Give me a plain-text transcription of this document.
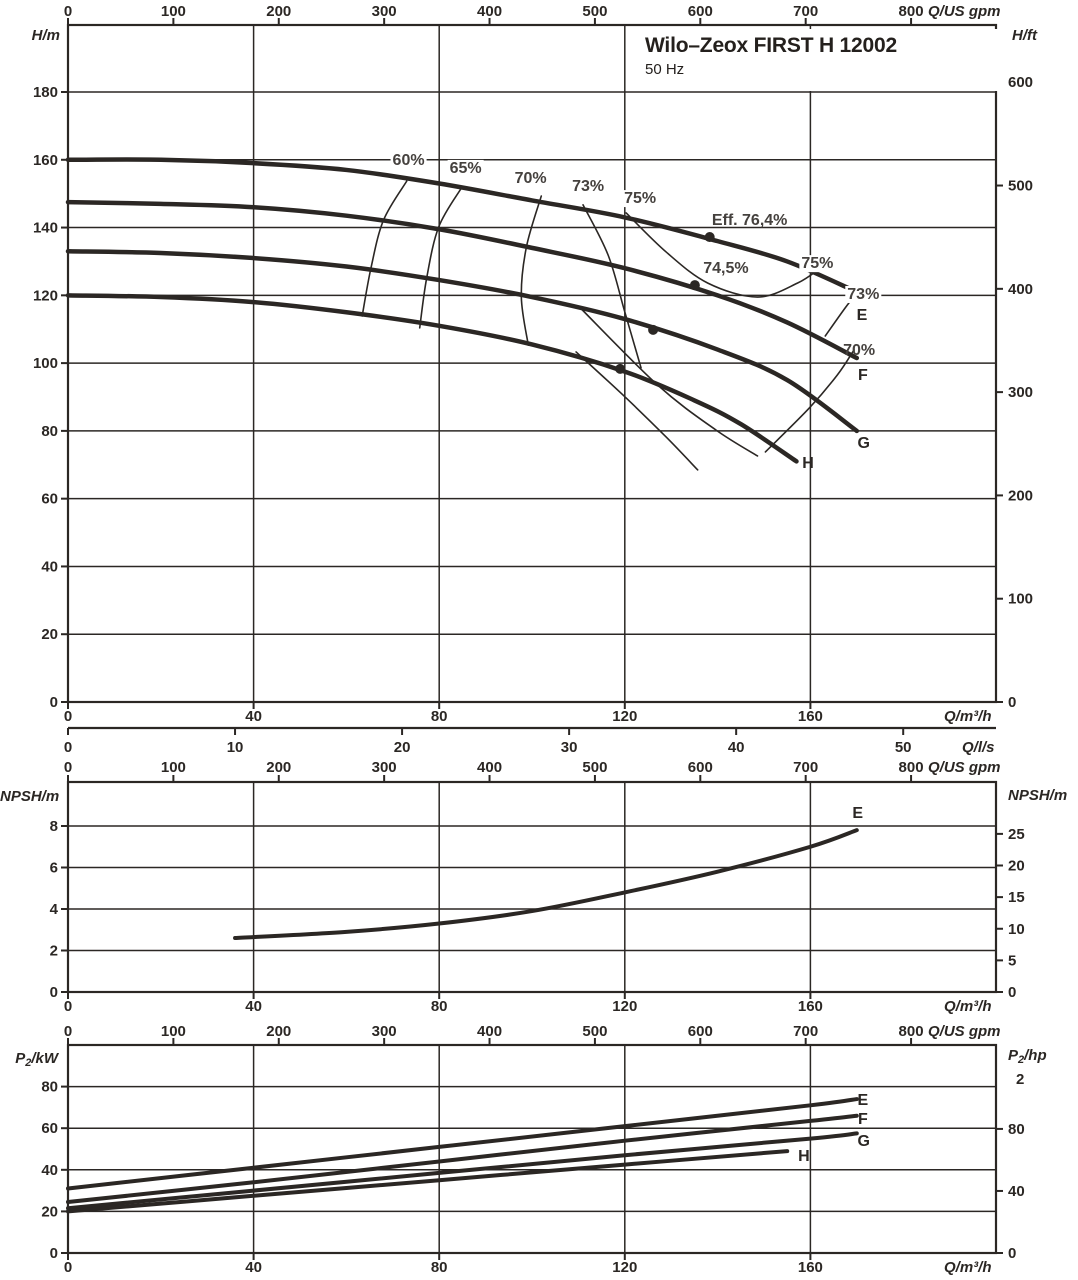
0	100	200	300	400	500	600	700	800 Q/US gpm
H/m	H/ft
0
20
40
60
80
100
120
140
160
180
0
100
200
300
400
500
600
0	40	80	120	160	Q/m³/h
0	10	20	30	40	50	Q/l/s
0	100	200	300	400	500	600	700	800 Q/US gpm
60% 65%
70% 73%
75%
Eff. 76,4%
74,5%	75%
73%
70%
E
F
G
H
NPSH/m	NPSH/m
0
2
4
6
8
0
5
10
15
20
25
0	40	80	120	160	Q/m³/h
E
0	100	200	300	400	500	600	700	800 Q/US gpm
$P_2/kW$	$P_2/hp$
2
0
20
40
60
80
0
40
80
0	40	80	120	160	Q/m³/h
E
F
G
H

Wilo–Zeox FIRST H 12002

50 Hz
